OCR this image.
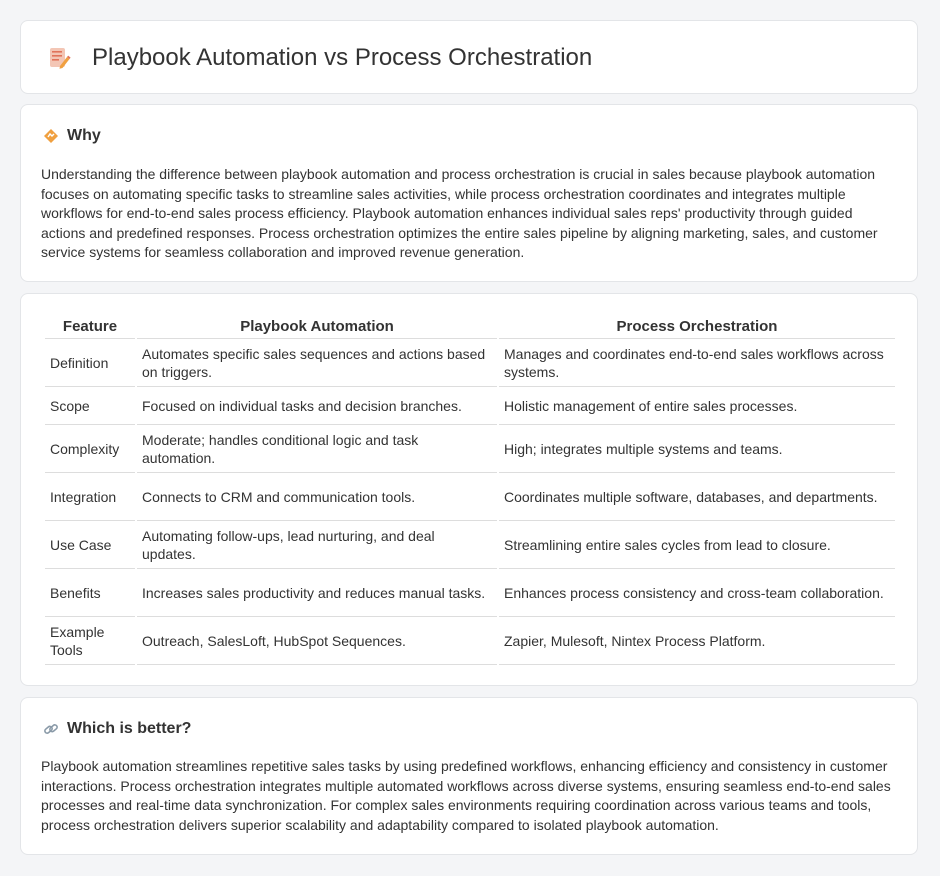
Playbook Automation vs Process Orchestration
Why

Understanding the difference between playbook automation and process orchestration is crucial in sales because playbook automation focuses on automating specific tasks to streamline sales activities, while process orchestration coordinates and integrates multiple workflows for end-to-end sales process efficiency. Playbook automation enhances individual sales reps' productivity through guided actions and predefined responses. Process orchestration optimizes the entire sales pipeline by aligning marketing, sales, and customer service systems for seamless collaboration and improved revenue generation.

Feature	Playbook Automation	Process Orchestration
Definition	Automates specific sales sequences and actions based on triggers.	Manages and coordinates end-to-end sales workflows across systems.
Scope	Focused on individual tasks and decision branches.	Holistic management of entire sales processes.
Complexity	Moderate; handles conditional logic and task automation.	High; integrates multiple systems and teams.
Integration	Connects to CRM and communication tools.	Coordinates multiple software, databases, and departments.
Use Case	Automating follow-ups, lead nurturing, and deal updates.	Streamlining entire sales cycles from lead to closure.
Benefits	Increases sales productivity and reduces manual tasks.	Enhances process consistency and cross-team collaboration.
Example Tools	Outreach, SalesLoft, HubSpot Sequences.	Zapier, Mulesoft, Nintex Process Platform.
Which is better?

Playbook automation streamlines repetitive sales tasks by using predefined workflows, enhancing efficiency and consistency in customer interactions. Process orchestration integrates multiple automated workflows across diverse systems, ensuring seamless end-to-end sales processes and real-time data synchronization. For complex sales environments requiring coordination across various teams and tools, process orchestration delivers superior scalability and adaptability compared to isolated playbook automation.
